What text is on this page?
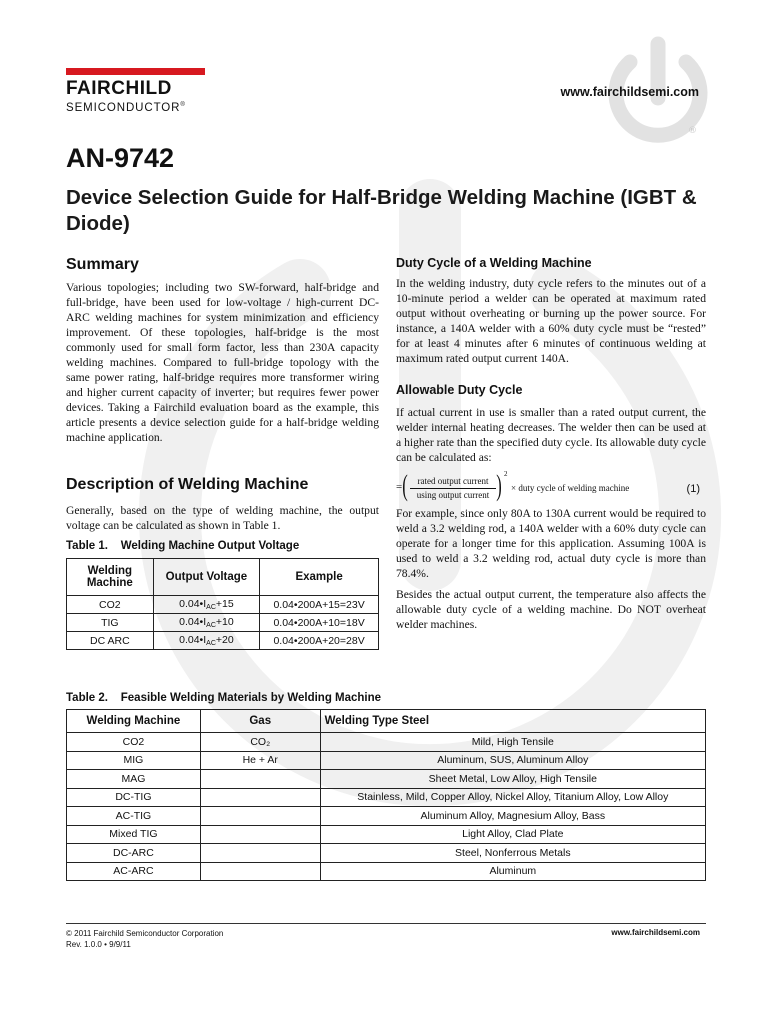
®
FAIRCHILD
SEMICONDUCTOR®
www.fairchildsemi.com
AN-9742
Device Selection Guide for Half-Bridge Welding Machine (IGBT & Diode)
Summary

Various topologies; including two SW-forward, half-bridge and full-bridge, have been used for low-voltage / high-current DC-ARC welding machines for system minimization and efficiency improvement. Of these topologies, half-bridge is the most commonly used for small form factor, less than 230A capacity welding machines. Compared to full-bridge topology with the same power rating, half-bridge requires more transformer wiring and higher current capacity of inverter; but requires fewer power devices. Taking a Fairchild evaluation board as the example, this article presents a device selection guide for a half-bridge welding machine application.

Description of Welding Machine

Generally, based on the type of welding machine, the output voltage can be calculated as shown in Table 1.

Table 1. Welding Machine Output Voltage
Welding Machine	Output Voltage	Example
CO2	$0.04•I_{AC}+15$	0.04•200A+15=23V
TIG	$0.04•I_{AC}+10$	0.04•200A+10=18V
DC ARC	$0.04•I_{AC}+20$	0.04•200A+20=28V
Duty Cycle of a Welding Machine

In the welding industry, duty cycle refers to the minutes out of a 10-minute period a welder can be operated at maximum rated output without overheating or burning up the power source. For instance, a 140A welder with a 60% duty cycle must be “rested” for at least 4 minutes after 6 minutes of continuous welding at maximum rated output current 140A.

Allowable Duty Cycle

If actual current in use is smaller than a rated output current, the welder internal heating decreases. The welder then can be used at a higher rate than the specified duty cycle. Its allowable duty cycle can be calculated as:

= (	rated output current
using output current ) 2
× duty cycle of welding machine	(1)

For example, since only 80A to 130A current would be required to weld a 3.2 welding rod, a 140A welder with a 60% duty cycle can operate for a longer time for this application. Assuming 100A is used to weld a 3.2 welding rod, actual duty cycle is more than 78.4%.

Besides the actual output current, the temperature also affects the allowable duty cycle of a welding machine. Do NOT overheat welder machines.

Table 2. Feasible Welding Materials by Welding Machine
Welding Machine	Gas	Welding Type Steel
CO2	CO₂	Mild, High Tensile
MIG	He + Ar	Aluminum, SUS, Aluminum Alloy
MAG		Sheet Metal, Low Alloy, High Tensile
DC-TIG		Stainless, Mild, Copper Alloy, Nickel Alloy, Titanium Alloy, Low Alloy
AC-TIG		Aluminum Alloy, Magnesium Alloy, Bass
Mixed TIG		Light Alloy, Clad Plate
DC-ARC		Steel, Nonferrous Metals
AC-ARC		Aluminum
© 2011 Fairchild Semiconductor Corporation
Rev. 1.0.0 • 9/9/11
www.fairchildsemi.com
